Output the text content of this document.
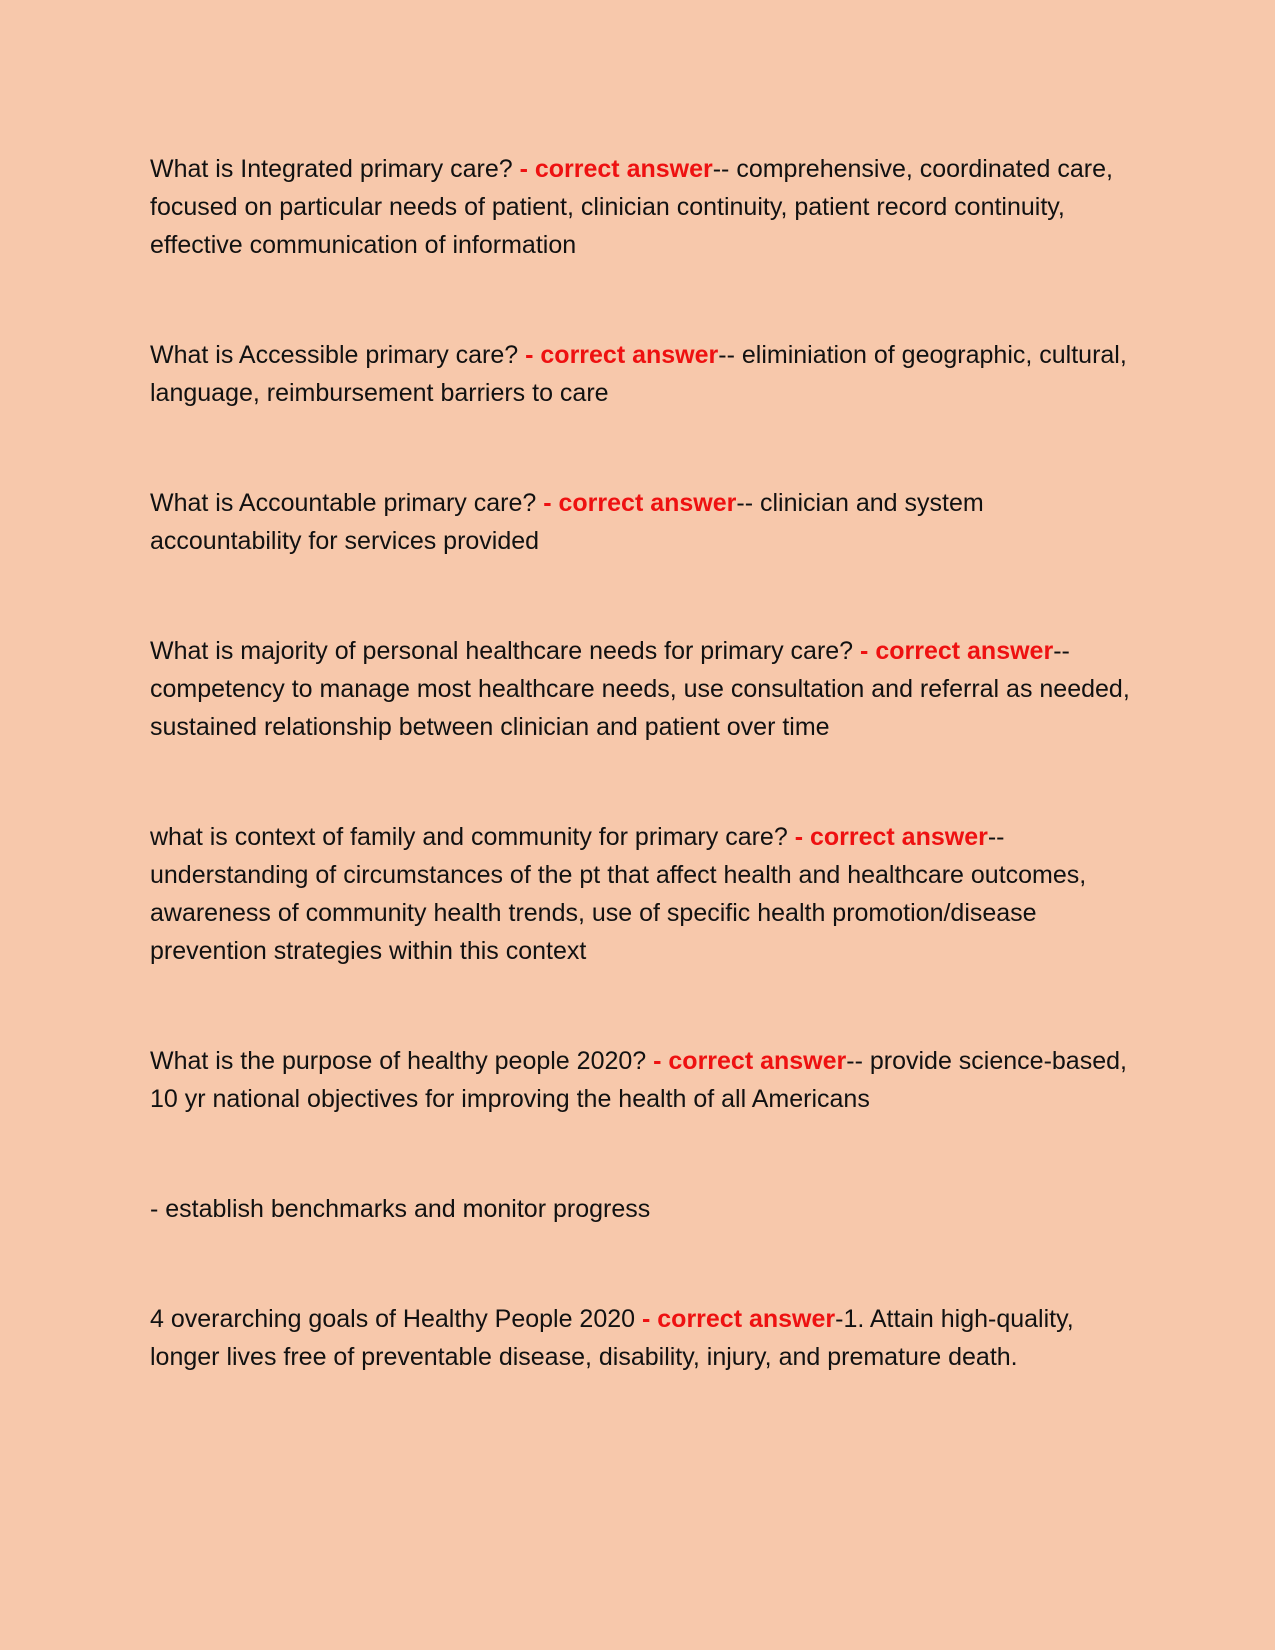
What is Integrated primary care? - correct answer-- comprehensive, coordinated care, focused on particular needs of patient, clinician continuity, patient record continuity, effective communication of information

What is Accessible primary care? - correct answer-- eliminiation of geographic, cultural, language, reimbursement barriers to care

What is Accountable primary care? - correct answer-- clinician and system accountability for services provided

What is majority of personal healthcare needs for primary care? - correct answer-- competency to manage most healthcare needs, use consultation and referral as needed, sustained relationship between clinician and patient over time

what is context of family and community for primary care? - correct answer-- understanding of circumstances of the pt that affect health and healthcare outcomes, awareness of community health trends, use of specific health promotion/disease prevention strategies within this context

What is the purpose of healthy people 2020? - correct answer-- provide science-based, 10 yr national objectives for improving the health of all Americans

- establish benchmarks and monitor progress

4 overarching goals of Healthy People 2020 - correct answer-1. Attain high-quality, longer lives free of preventable disease, disability, injury, and premature death.
